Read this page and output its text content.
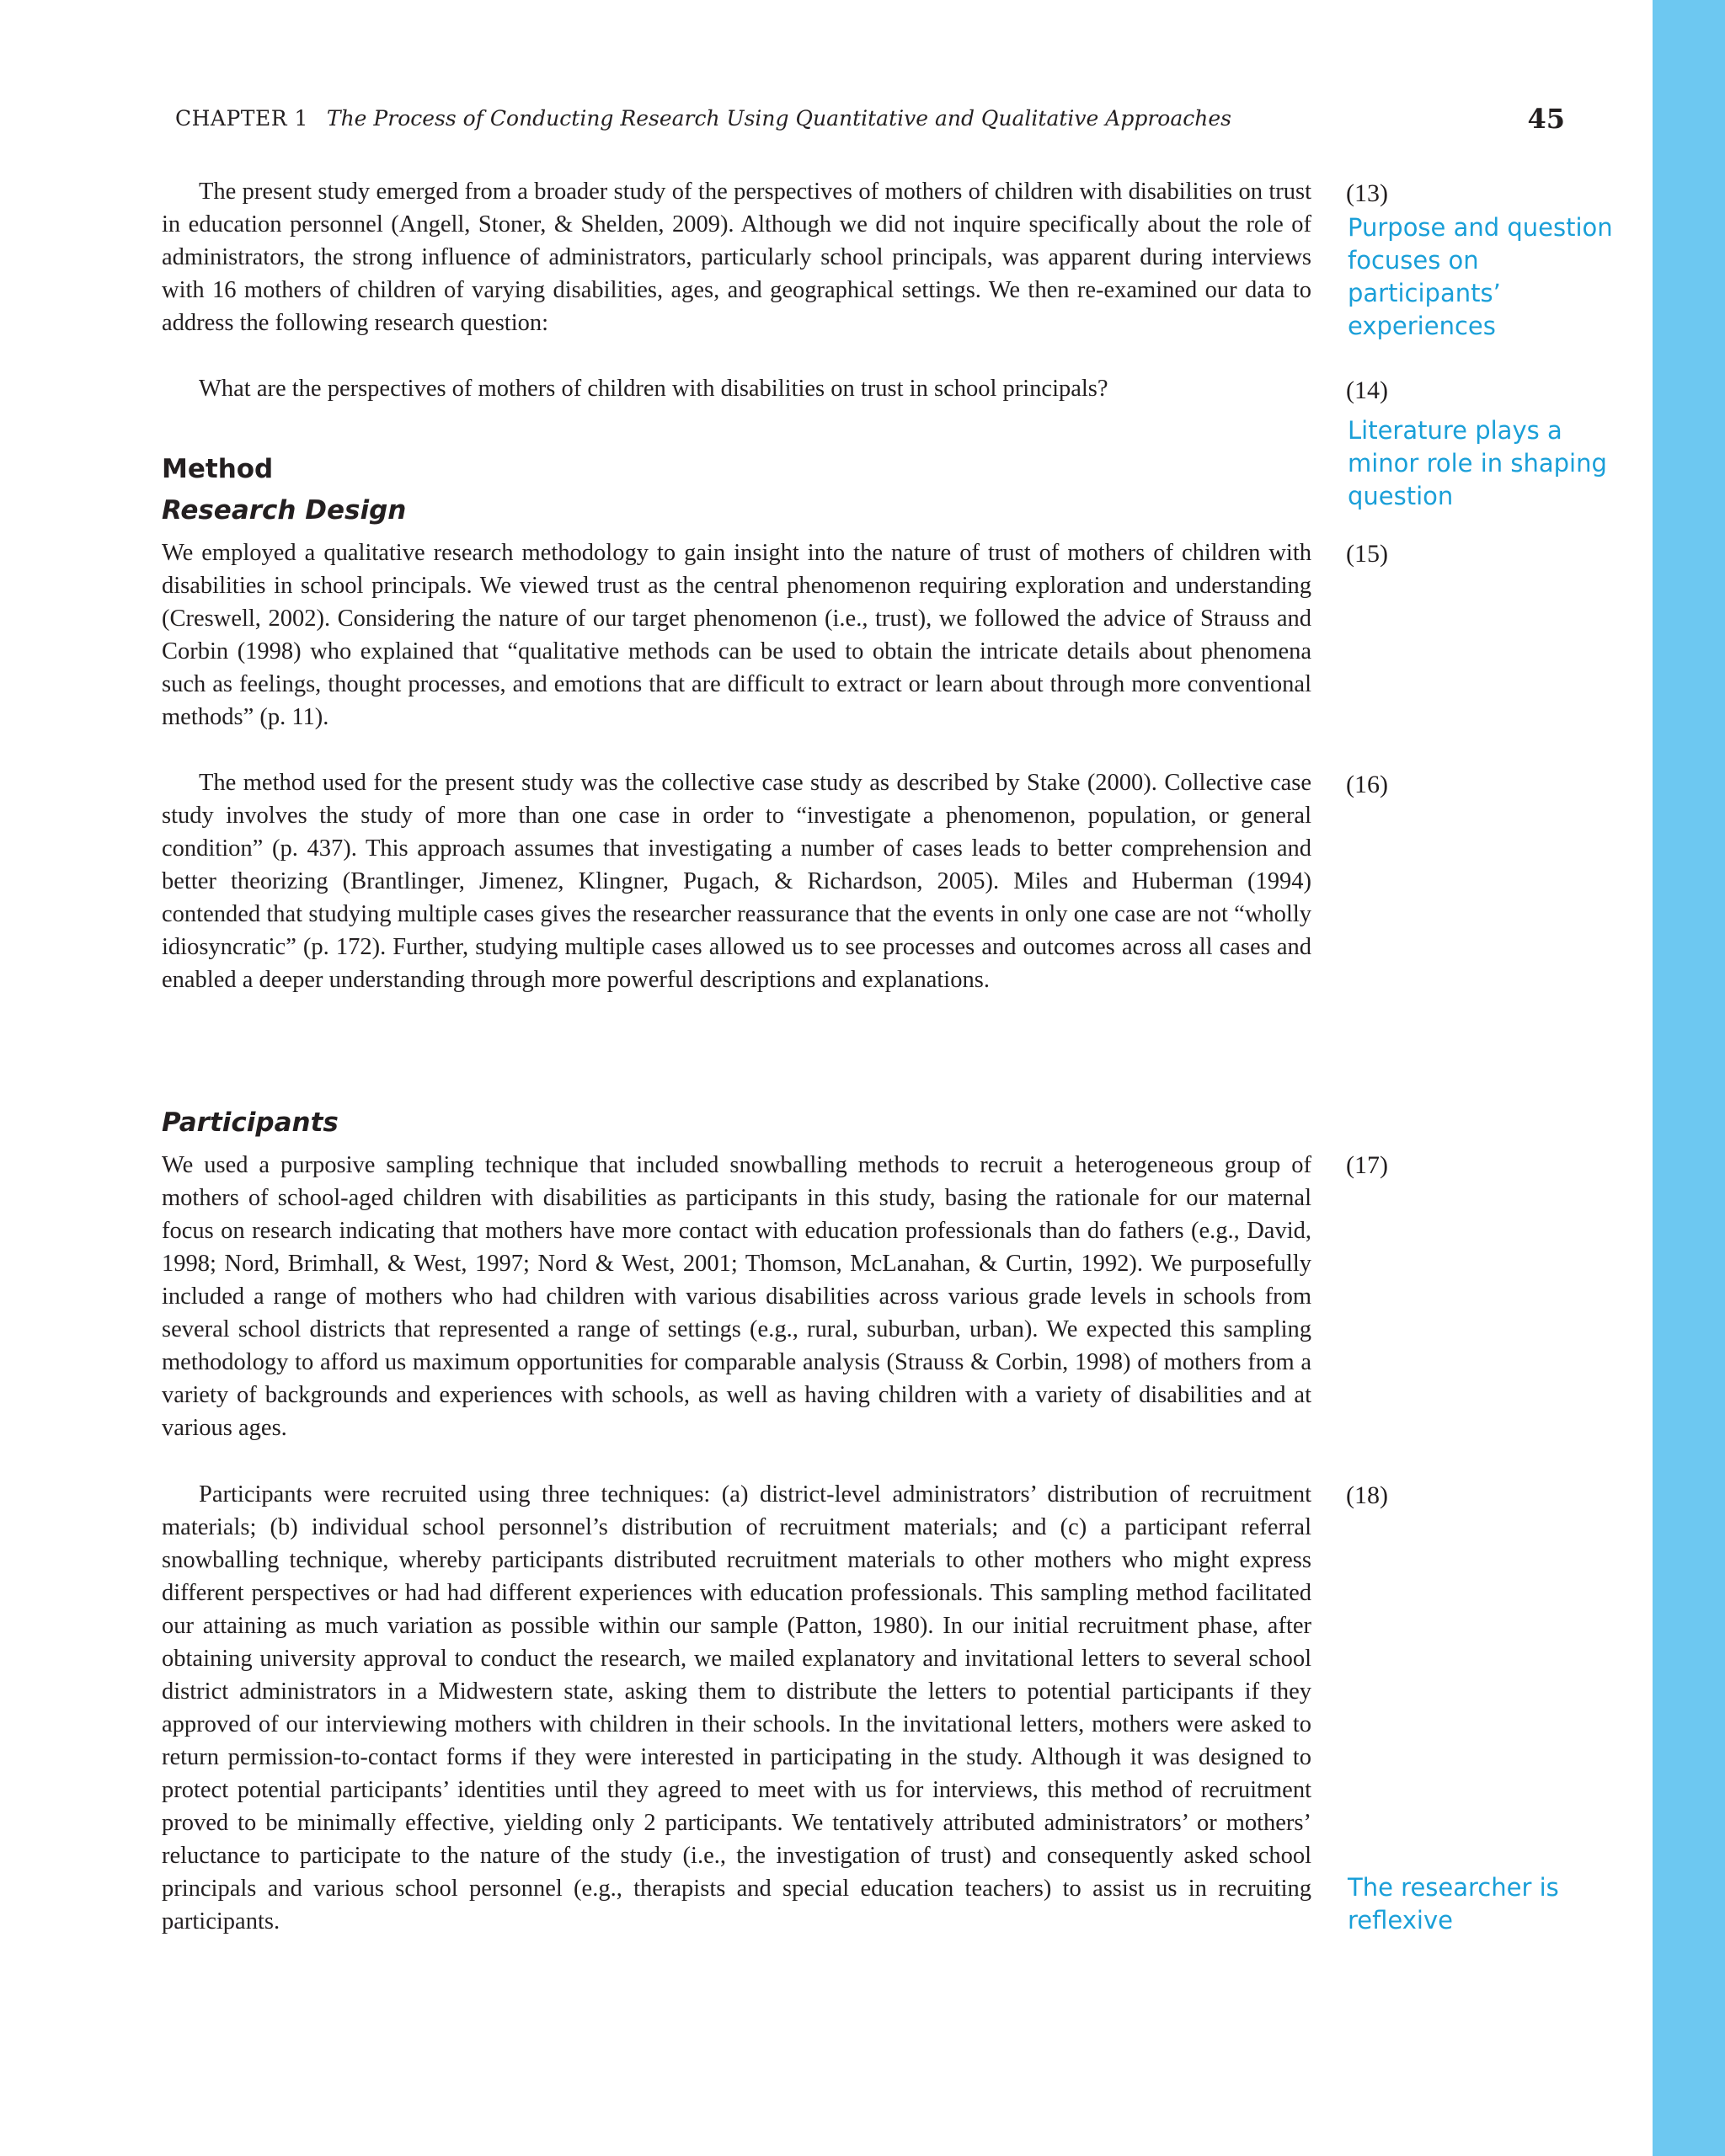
CHAPTER 1 The Process of Conducting Research Using Quantitative and Qualitative Approaches	45

The present study emerged from a broader study of the perspectives of mothers of children with disabilities on trust in education personnel (Angell, Stoner, & Shelden, 2009). Although we did not inquire specifically about the role of administrators, the strong influence of administrators, particularly school principals, was apparent during interviews with 16 mothers of children of varying disabilities, ages, and geographical settings. We then re-examined our data to address the following research question:

(13)
Purpose and question focuses on participants’ experiences

What are the perspectives of mothers of children with disabilities on trust in school principals?	(14)
Literature plays a minor role in shaping question
Method
Research Design

We employed a qualitative research methodology to gain insight into the nature of trust of mothers of children with disabilities in school principals. We viewed trust as the central phenomenon requiring exploration and understanding (Creswell, 2002). Considering the nature of our target phenomenon (i.e., trust), we followed the advice of Strauss and Corbin (1998) who explained that “qualitative methods can be used to obtain the intricate details about phenomena such as feelings, thought processes, and emotions that are difficult to extract or learn about through more conventional methods” (p. 11).

(15)

The method used for the present study was the collective case study as described by Stake (2000). Collective case study involves the study of more than one case in order to “investigate a phenomenon, population, or general condition” (p. 437). This approach assumes that investigating a number of cases leads to better comprehension and better theorizing (Brantlinger, Jimenez, Klingner, Pugach, & Richardson, 2005). Miles and Huberman (1994) contended that studying multiple cases gives the researcher reassurance that the events in only one case are not “wholly idiosyncratic” (p. 172). Further, studying multiple cases allowed us to see processes and outcomes across all cases and enabled a deeper understanding through more powerful descriptions and explanations.

(16)
Participants

We used a purposive sampling technique that included snowballing methods to recruit a heterogeneous group of mothers of school-aged children with disabilities as participants in this study, basing the rationale for our maternal focus on research indicating that mothers have more contact with education professionals than do fathers (e.g., David, 1998; Nord, Brimhall, & West, 1997; Nord & West, 2001; Thomson, McLanahan, & Curtin, 1992). We purposefully included a range of mothers who had children with various disabilities across various grade levels in schools from several school districts that represented a range of settings (e.g., rural, suburban, urban). We expected this sampling methodology to afford us maximum opportunities for comparable analysis (Strauss & Corbin, 1998) of mothers from a variety of backgrounds and experiences with schools, as well as having children with a variety of disabilities and at various ages.

(17)

Participants were recruited using three techniques: (a) district-level administrators’ distribution of recruitment materials; (b) individual school personnel’s distribution of recruitment materials; and (c) a participant referral snowballing technique, whereby participants distributed recruitment materials to other mothers who might express different perspectives or had had different experiences with education professionals. This sampling method facilitated our attaining as much variation as possible within our sample (Patton, 1980). In our initial recruitment phase, after obtaining university approval to conduct the research, we mailed explanatory and invitational letters to several school district administrators in a Midwestern state, asking them to distribute the letters to potential participants if they approved of our interviewing mothers with children in their schools. In the invitational letters, mothers were asked to return permission-to-contact forms if they were interested in participating in the study. Although it was designed to protect potential participants’ identities until they agreed to meet with us for interviews, this method of recruitment proved to be minimally effective, yielding only 2 participants. We tentatively attributed administrators’ or mothers’ reluctance to participate to the nature of the study (i.e., the investigation of trust) and consequently asked school principals and various school personnel (e.g., therapists and special education teachers) to assist us in recruiting participants.

(18)
The researcher is reflexive
